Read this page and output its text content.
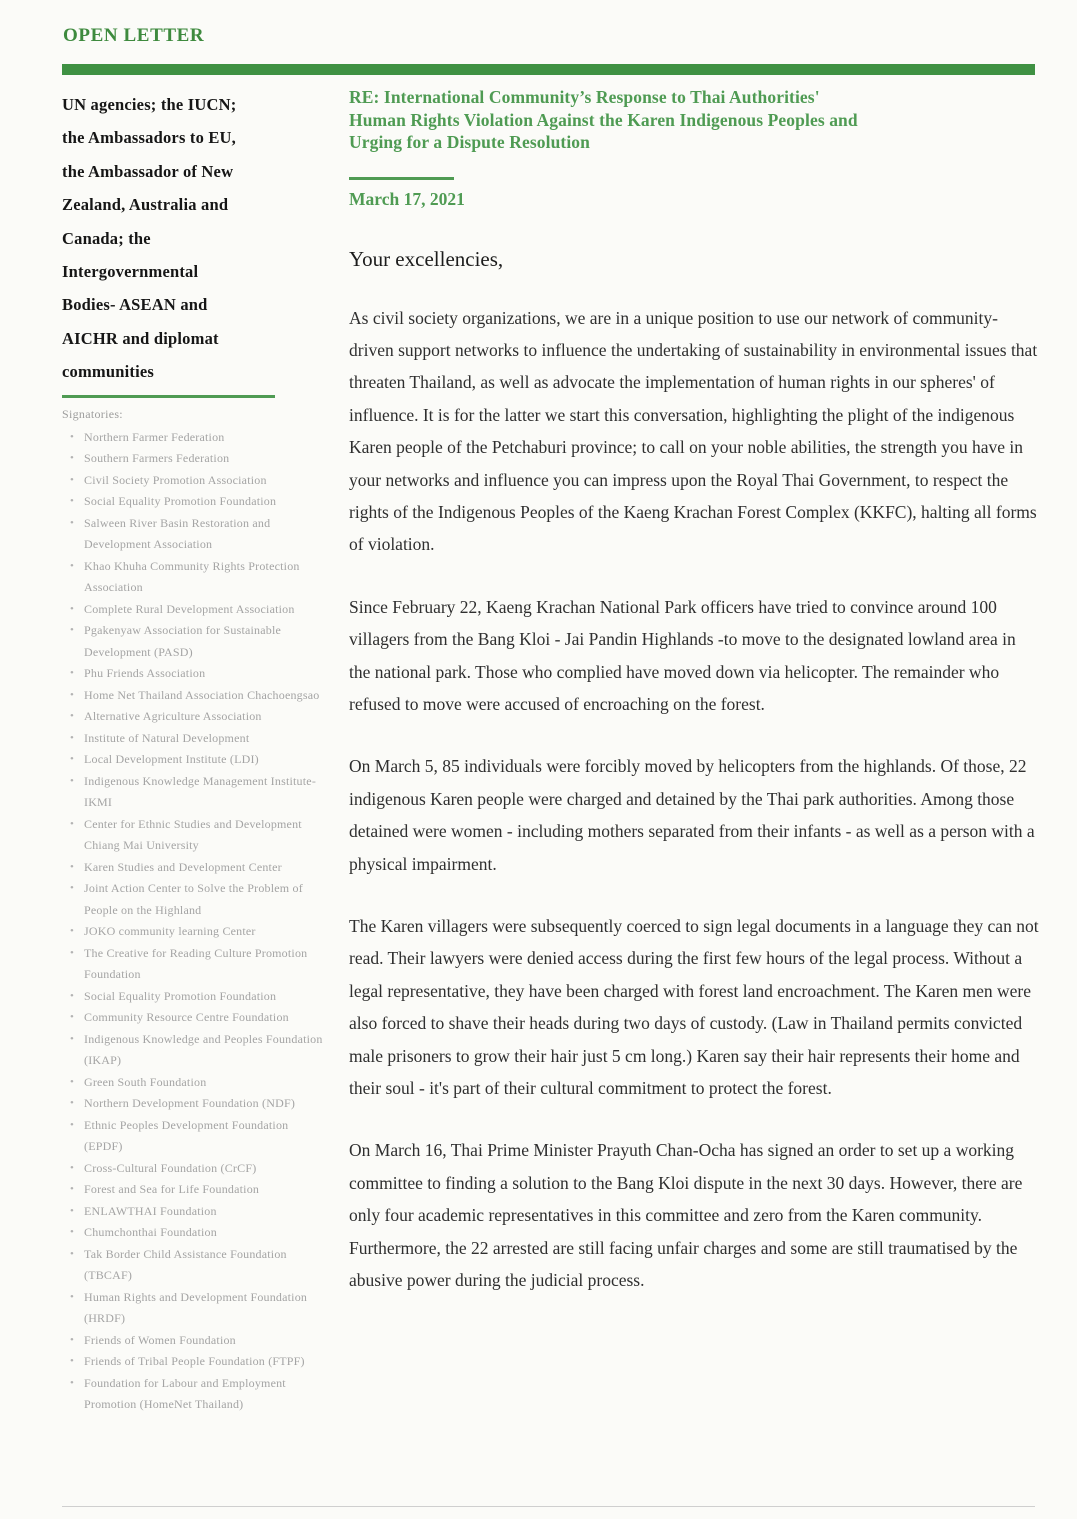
OPEN LETTER
UN agencies; the IUCN;
the Ambassadors to EU,
the Ambassador of New
Zealand, Australia and
Canada; the
Intergovernmental
Bodies- ASEAN and
AICHR and diplomat
communities
Signatories:
• Northern Farmer Federation
• Southern Farmers Federation
• Civil Society Promotion Association
• Social Equality Promotion Foundation
• Salween River Basin Restoration and Development Association
• Khao Khuha Community Rights Protection Association
• Complete Rural Development Association
• Pgakenyaw Association for Sustainable Development (PASD)
• Phu Friends Association
• Home Net Thailand Association Chachoengsao
• Alternative Agriculture Association
• Institute of Natural Development
• Local Development Institute (LDI)
• Indigenous Knowledge Management Institute-IKMI
• Center for Ethnic Studies and Development Chiang Mai University
• Karen Studies and Development Center
• Joint Action Center to Solve the Problem of People on the Highland
• JOKO community learning Center
• The Creative for Reading Culture Promotion Foundation
• Social Equality Promotion Foundation
• Community Resource Centre Foundation
• Indigenous Knowledge and Peoples Foundation (IKAP)
• Green South Foundation
• Northern Development Foundation (NDF)
• Ethnic Peoples Development Foundation (EPDF)
• Cross-Cultural Foundation (CrCF)
• Forest and Sea for Life Foundation
• ENLAWTHAI Foundation
• Chumchonthai Foundation
• Tak Border Child Assistance Foundation (TBCAF)
• Human Rights and Development Foundation (HRDF)
• Friends of Women Foundation
• Friends of Tribal People Foundation (FTPF)
• Foundation for Labour and Employment Promotion (HomeNet Thailand)
RE: International Community’s Response to Thai Authorities'
Human Rights Violation Against the Karen Indigenous Peoples and
Urging for a Dispute Resolution
March 17, 2021
Your excellencies,

As civil society organizations, we are in a unique position to use our network of community-driven support networks to influence the undertaking of sustainability in environmental issues that threaten Thailand, as well as advocate the implementation of human rights in our spheres' of influence. It is for the latter we start this conversation, highlighting the plight of the indigenous Karen people of the Petchaburi province; to call on your noble abilities, the strength you have in your networks and influence you can impress upon the Royal Thai Government, to respect the rights of the Indigenous Peoples of the Kaeng Krachan Forest Complex (KKFC), halting all forms of violation.

Since February 22, Kaeng Krachan National Park officers have tried to convince around 100 villagers from the Bang Kloi - Jai Pandin Highlands -to move to the designated lowland area in the national park. Those who complied have moved down via helicopter. The remainder who refused to move were accused of encroaching on the forest.

On March 5, 85 individuals were forcibly moved by helicopters from the highlands. Of those, 22 indigenous Karen people were charged and detained by the Thai park authorities. Among those detained were women - including mothers separated from their infants - as well as a person with a physical impairment.

The Karen villagers were subsequently coerced to sign legal documents in a language they can not read. Their lawyers were denied access during the first few hours of the legal process. Without a legal representative, they have been charged with forest land encroachment. The Karen men were also forced to shave their heads during two days of custody. (Law in Thailand permits convicted male prisoners to grow their hair just 5 cm long.) Karen say their hair represents their home and their soul - it's part of their cultural commitment to protect the forest.

On March 16, Thai Prime Minister Prayuth Chan-Ocha has signed an order to set up a working committee to finding a solution to the Bang Kloi dispute in the next 30 days. However, there are only four academic representatives in this committee and zero from the Karen community. Furthermore, the 22 arrested are still facing unfair charges and some are still traumatised by the abusive power during the judicial process.
